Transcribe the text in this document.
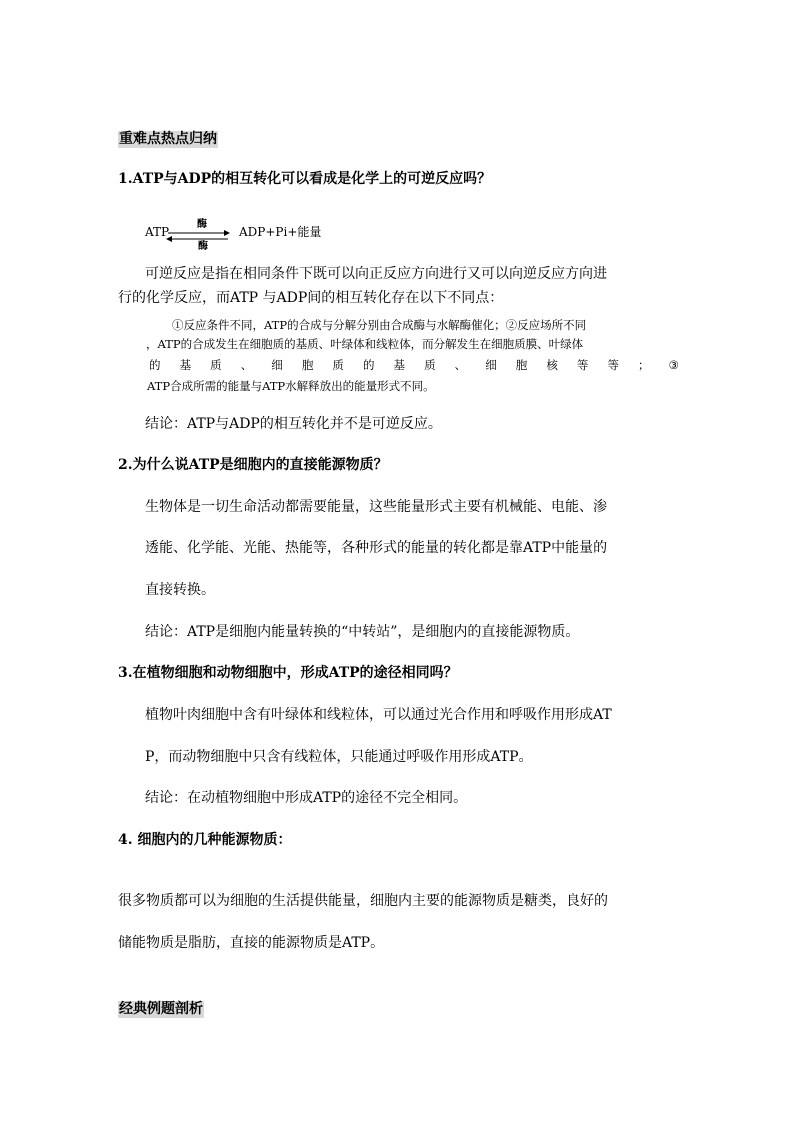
重难点热点归纳
1.ATP与ADP的相互转化可以看成是化学上的可逆反应吗？
ATP
酶
酶
ADP+Pi+能量
可逆反应是指在相同条件下既可以向正反应方向进行又可以向逆反应方向进
行的化学反应，而ATP 与ADP间的相互转化存在以下不同点：
①反应条件不同，ATP的合成与分解分别由合成酶与水解酶催化；②反应场所不同
，ATP的合成发生在细胞质的基质、叶绿体和线粒体，而分解发生在细胞质膜、叶绿体
的 基 质 、 细 胞 质 的 基 质 、 细 胞 核 等 等 ； ③
ATP合成所需的能量与ATP水解释放出的能量形式不同。
结论：ATP与ADP的相互转化并不是可逆反应。
2.为什么说ATP是细胞内的直接能源物质？
生物体是一切生命活动都需要能量，这些能量形式主要有机械能、电能、渗
透能、化学能、光能、热能等，各种形式的能量的转化都是靠ATP中能量的
直接转换。
结论：ATP是细胞内能量转换的“中转站”，是细胞内的直接能源物质。
3.在植物细胞和动物细胞中，形成ATP的途径相同吗？
植物叶肉细胞中含有叶绿体和线粒体，可以通过光合作用和呼吸作用形成AT
P，而动物细胞中只含有线粒体，只能通过呼吸作用形成ATP。
结论：在动植物细胞中形成ATP的途径不完全相同。
4. 细胞内的几种能源物质：
很多物质都可以为细胞的生活提供能量，细胞内主要的能源物质是糖类，良好的
储能物质是脂肪，直接的能源物质是ATP。
经典例题剖析
